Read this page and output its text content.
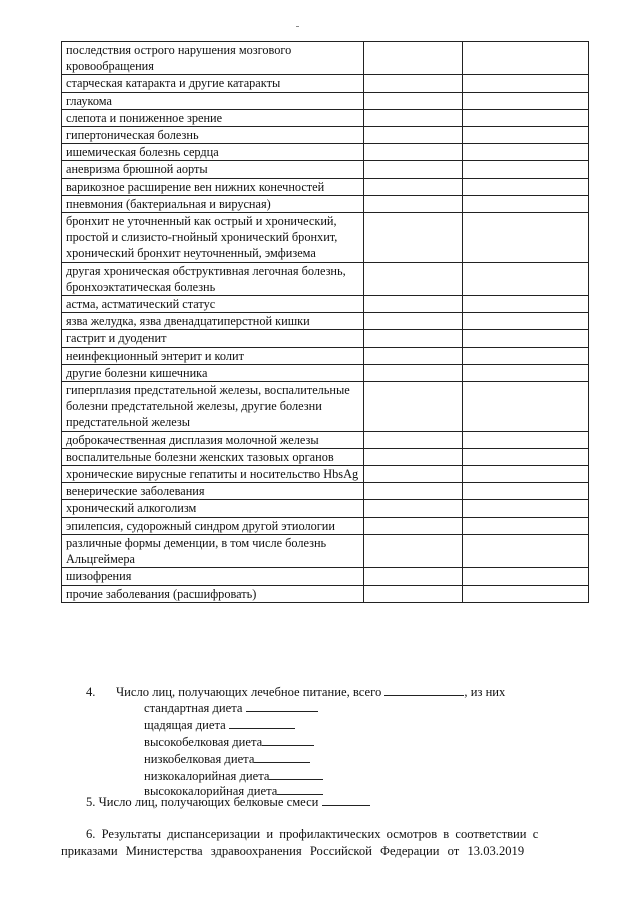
последствия острого нарушения мозгового кровообращения		
старческая катаракта и другие катаракты		
глаукома		
слепота и пониженное зрение		
гипертоническая болезнь		
ишемическая болезнь сердца		
аневризма брюшной аорты		
варикозное расширение вен нижних конечностей		
пневмония (бактериальная и вирусная)		
бронхит не уточненный как острый и хронический, простой и слизисто-гнойный хронический бронхит, хронический бронхит неуточненный, эмфизема		
другая хроническая обструктивная легочная болезнь, бронхоэктатическая болезнь		
астма, астматический статус		
язва желудка, язва двенадцатиперстной кишки		
гастрит и дуоденит		
неинфекционный энтерит и колит		
другие болезни кишечника		
гиперплазия предстательной железы, воспалительные болезни предстательной железы, другие болезни предстательной железы		
доброкачественная дисплазия молочной железы		
воспалительные болезни женских тазовых органов		
хронические вирусные гепатиты и носительство HbsAg		
венерические заболевания		
хронический алкоголизм		
эпилепсия, судорожный синдром другой этиологии		
различные формы деменции, в том числе болезнь Альцгеймера		
шизофрения		
прочие заболевания (расшифровать)		
4. Число лиц, получающих лечебное питание, всего	, из них
стандартная диета
щадящая диета
высокобелковая диета
низкобелковая диета
низкокалорийная диета
высококалорийная диета
5. Число лиц, получающих белковые смеси
6. Результаты диспансеризации и профилактических осмотров в соответствии с
приказами Министерства здравоохранения Российской Федерации от 13.03.2019
